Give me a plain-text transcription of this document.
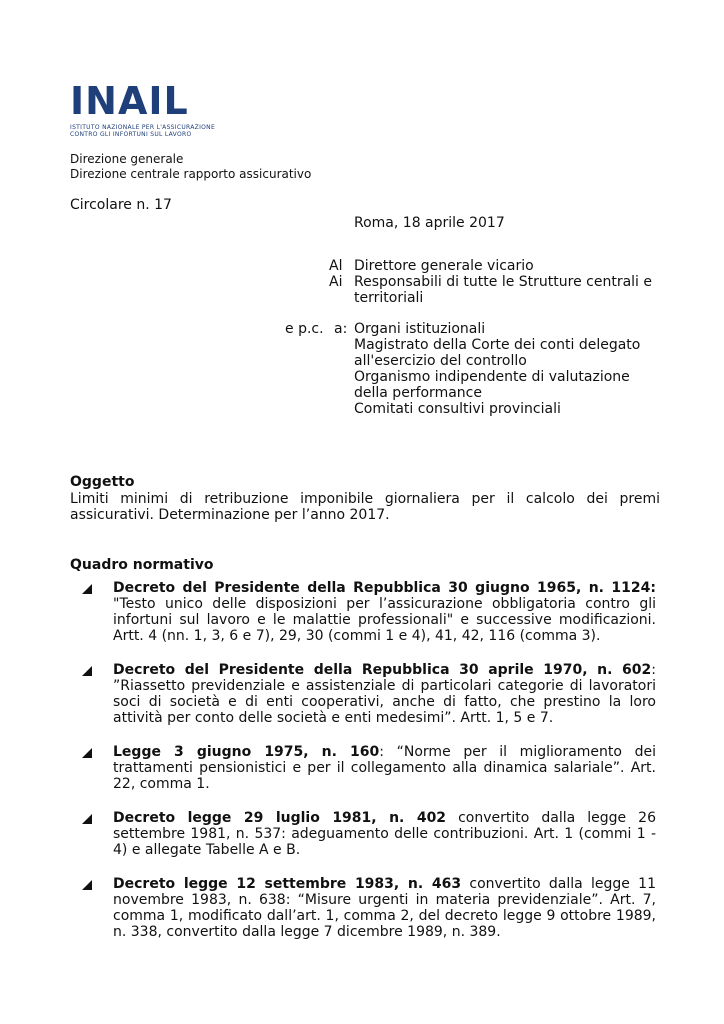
INAIL
ISTITUTO NAZIONALE PER L'ASSICURAZIONE
CONTRO GLI INFORTUNI SUL LAVORO
Direzione generale
Direzione centrale rapporto assicurativo
Circolare n. 17
Roma, 18 aprile 2017
Al Direttore generale vicario
Ai Responsabili di tutte le Strutture centrali e territoriali
e p.c. a: Organi istituzionali
Magistrato della Corte dei conti delegato all'esercizio del controllo
Organismo indipendente di valutazione della performance
Comitati consultivi provinciali
Oggetto
Limiti minimi di retribuzione imponibile giornaliera per il calcolo dei premi assicurativi. Determinazione per l’anno 2017.
Quadro normativo
Decreto del Presidente della Repubblica 30 giugno 1965, n. 1124: "Testo unico delle disposizioni per l’assicurazione obbligatoria contro gli infortuni sul lavoro e le malattie professionali" e successive modificazioni. Artt. 4 (nn. 1, 3, 6 e 7), 29, 30 (commi 1 e 4), 41, 42, 116 (comma 3).
Decreto del Presidente della Repubblica 30 aprile 1970, n. 602: ”Riassetto previdenziale e assistenziale di particolari categorie di lavoratori soci di società e di enti cooperativi, anche di fatto, che prestino la loro attività per conto delle società e enti medesimi”. Artt. 1, 5 e 7.
Legge 3 giugno 1975, n. 160: “Norme per il miglioramento dei trattamenti pensionistici e per il collegamento alla dinamica salariale”. Art. 22, comma 1.
Decreto legge 29 luglio 1981, n. 402 convertito dalla legge 26 settembre 1981, n. 537: adeguamento delle contribuzioni. Art. 1 (commi 1 - 4) e allegate Tabelle A e B.
Decreto legge 12 settembre 1983, n. 463 convertito dalla legge 11 novembre 1983, n. 638: “Misure urgenti in materia previdenziale”. Art. 7, comma 1, modificato dall’art. 1, comma 2, del decreto legge 9 ottobre 1989, n. 338, convertito dalla legge 7 dicembre 1989, n. 389.
